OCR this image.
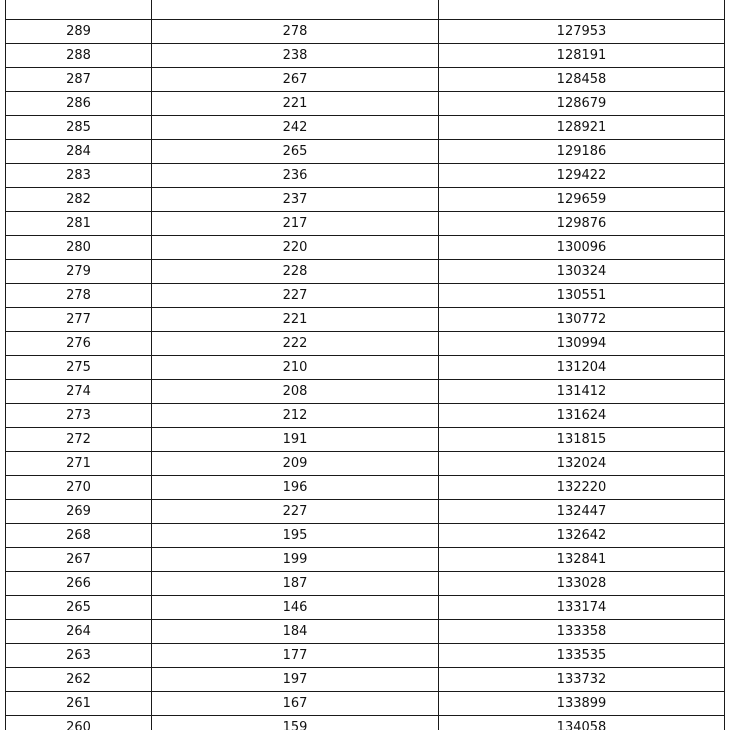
289	278	127953
288	238	128191
287	267	128458
286	221	128679
285	242	128921
284	265	129186
283	236	129422
282	237	129659
281	217	129876
280	220	130096
279	228	130324
278	227	130551
277	221	130772
276	222	130994
275	210	131204
274	208	131412
273	212	131624
272	191	131815
271	209	132024
270	196	132220
269	227	132447
268	195	132642
267	199	132841
266	187	133028
265	146	133174
264	184	133358
263	177	133535
262	197	133732
261	167	133899
260	159	134058
